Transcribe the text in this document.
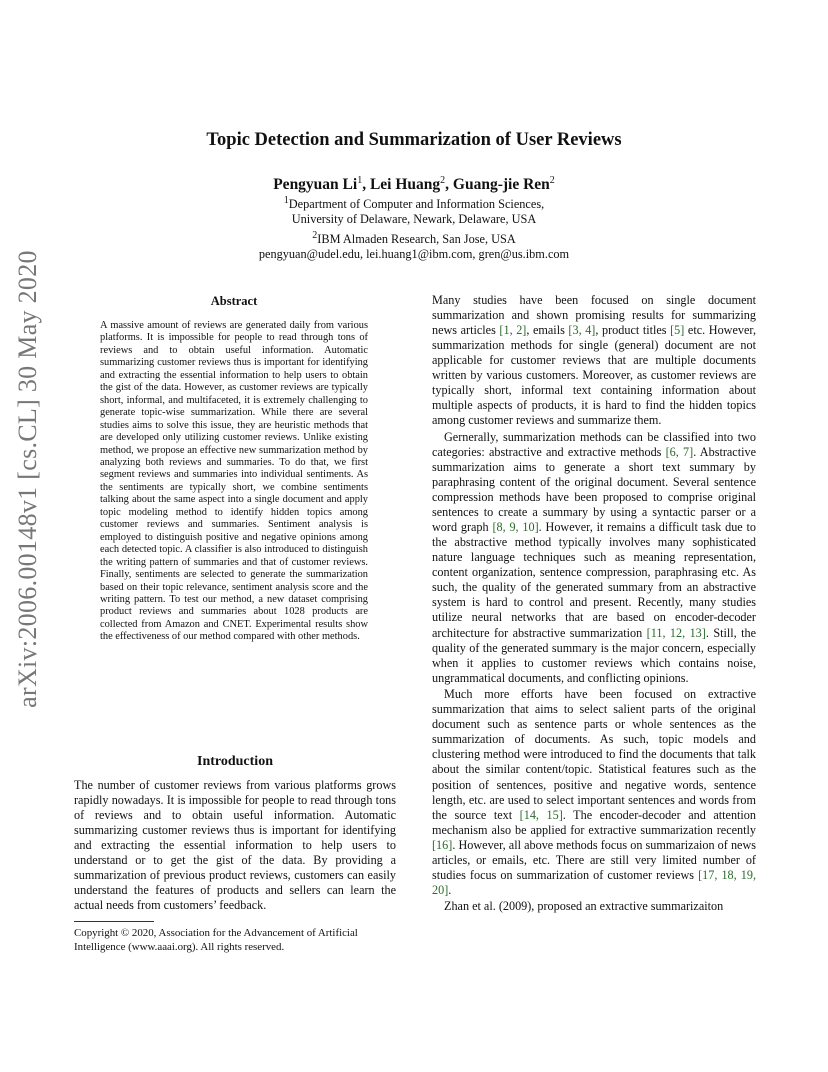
arXiv:2006.00148v1 [cs.CL] 30 May 2020
Topic Detection and Summarization of User Reviews
Pengyuan Li$^1$, Lei Huang$^2$, Guang-jie Ren$^2$
$^1$Department of Computer and Information Sciences,
University of Delaware, Newark, Delaware, USA
$^2$IBM Almaden Research, San Jose, USA
pengyuan@udel.edu, lei.huang1@ibm.com, gren@us.ibm.com
Abstract

A massive amount of reviews are generated daily from various platforms. It is impossible for people to read through tons of reviews and to obtain useful information. Automatic summarizing customer reviews thus is important for identifying and extracting the essential information to help users to obtain the gist of the data. However, as customer reviews are typically short, informal, and multifaceted, it is extremely challenging to generate topic-wise summarization. While there are several studies aims to solve this issue, they are heuristic methods that are developed only utilizing customer reviews. Unlike existing method, we propose an effective new summarization method by analyzing both reviews and summaries. To do that, we first segment reviews and summaries into individual sentiments. As the sentiments are typically short, we combine sentiments talking about the same aspect into a single document and apply topic modeling method to identify hidden topics among customer reviews and summaries. Sentiment analysis is employed to distinguish positive and negative opinions among each detected topic. A classifier is also introduced to distinguish the writing pattern of summaries and that of customer reviews. Finally, sentiments are selected to generate the summarization based on their topic relevance, sentiment analysis score and the writing pattern. To test our method, a new dataset comprising product reviews and summaries about 1028 products are collected from Amazon and CNET. Experimental results show the effectiveness of our method compared with other methods.

Introduction

The number of customer reviews from various platforms grows rapidly nowadays. It is impossible for people to read through tons of reviews and to obtain useful information. Automatic summarizing customer reviews thus is important for identifying and extracting the essential information to help users to understand or to get the gist of the data. By providing a summarization of previous product reviews, customers can easily understand the features of products and sellers can learn the actual needs from customers’ feedback.

Copyright © 2020, Association for the Advancement of Artificial
Intelligence (www.aaai.org). All rights reserved.

Many studies have been focused on single document summarization and shown promising results for summarizing news articles [1, 2], emails [3, 4], product titles [5] etc. However, summarization methods for single (general) document are not applicable for customer reviews that are multiple documents written by various customers. Moreover, as customer reviews are typically short, informal text containing information about multiple aspects of products, it is hard to find the hidden topics among customer reviews and summarize them.

Gernerally, summarization methods can be classified into two categories: abstractive and extractive methods [6, 7]. Abstractive summarization aims to generate a short text summary by paraphrasing content of the original document. Several sentence compression methods have been proposed to comprise original sentences to create a summary by using a syntactic parser or a word graph [8, 9, 10]. However, it remains a difficult task due to the abstractive method typically involves many sophisticated nature language techniques such as meaning representation, content organization, sentence compression, paraphrasing etc. As such, the quality of the generated summary from an abstractive system is hard to control and present. Recently, many studies utilize neural networks that are based on encoder-decoder architecture for abstractive summarization [11, 12, 13]. Still, the quality of the generated summary is the major concern, especially when it applies to customer reviews which contains noise, ungrammatical documents, and conflicting opinions.

Much more efforts have been focused on extractive summarization that aims to select salient parts of the original document such as sentence parts or whole sentences as the summarization of documents. As such, topic models and clustering method were introduced to find the documents that talk about the similar content/topic. Statistical features such as the position of sentences, positive and negative words, sentence length, etc. are used to select important sentences and words from the source text [14, 15]. The encoder-decoder and attention mechanism also be applied for extractive summarization recently [16]. However, all above methods focus on summarizaion of news articles, or emails, etc. There are still very limited number of studies focus on summarization of customer reviews [17, 18, 19, 20].

Zhan et al. (2009), proposed an extractive summarizaiton
